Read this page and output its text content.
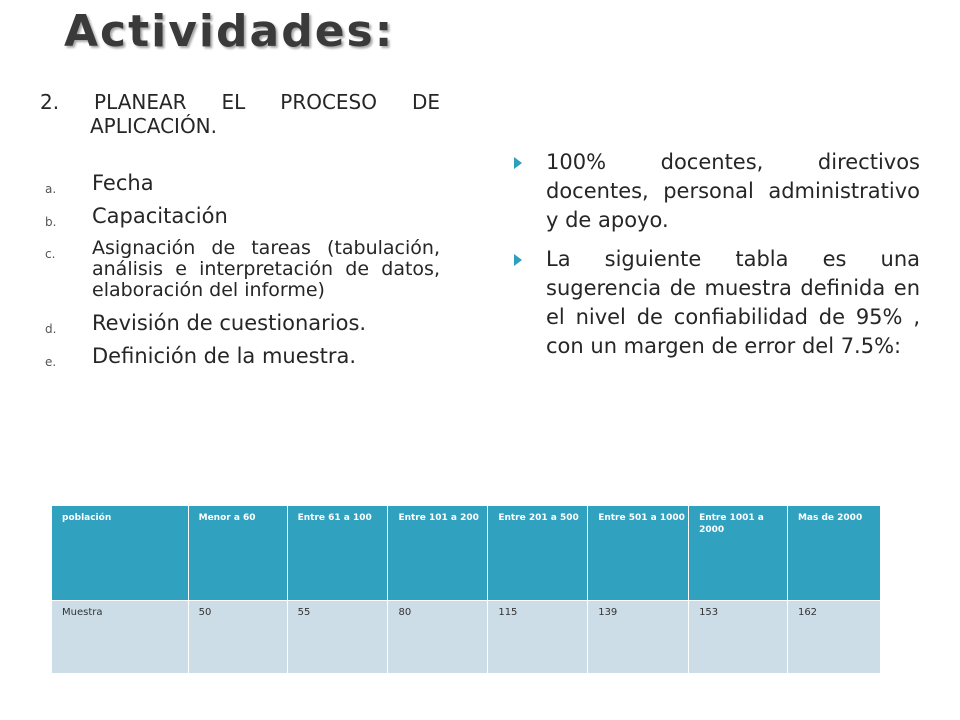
Actividades:

2. PLANEAR EL PROCESO DE APLICACIÓN.

a. Fecha
b. Capacitación
c. Asignación de tareas (tabulación, análisis e interpretación de datos, elaboración del informe)
d. Revisión de cuestionarios.
e. Definición de la muestra.
100% docentes, directivos docentes, personal administrativo y de apoyo.
La siguiente tabla es una sugerencia de muestra definida en el nivel de confiabilidad de 95% , con un margen de error del 7.5%:
población	Menor a 60	Entre 61 a 100	Entre 101 a 200	Entre 201 a 500	Entre 501 a 1000	Entre 1001 a 2000	Mas de 2000
Muestra	50	55	80	115	139	153	162
